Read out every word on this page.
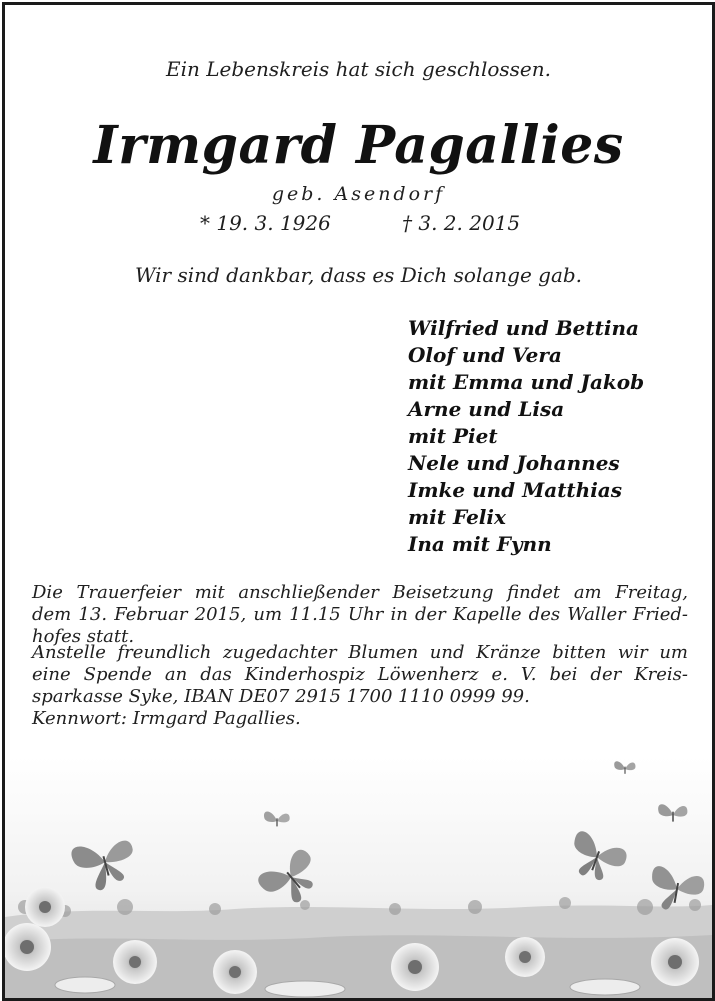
Ein Lebenskreis hat sich geschlossen.
Irmgard Pagallies
geb. Asendorf
* 19. 3. 1926	† 3. 2. 2015
Wir sind dankbar, dass es Dich solange gab.
Wilfried und Bettina
Olof und Vera
mit Emma und Jakob
Arne und Lisa
mit Piet
Nele und Johannes
Imke und Matthias
mit Felix
Ina mit Fynn
Die Trauerfeier mit anschließender Beisetzung findet am Freitag,
dem 13. Februar 2015, um 11.15 Uhr in der Kapelle des Waller Fried-
hofes statt.
Anstelle freundlich zugedachter Blumen und Kränze bitten wir um
eine Spende an das Kinderhospiz Löwenherz e. V. bei der Kreis-
sparkasse Syke, IBAN DE07 2915 1700 1110 0999 99.
Kennwort: Irmgard Pagallies.
